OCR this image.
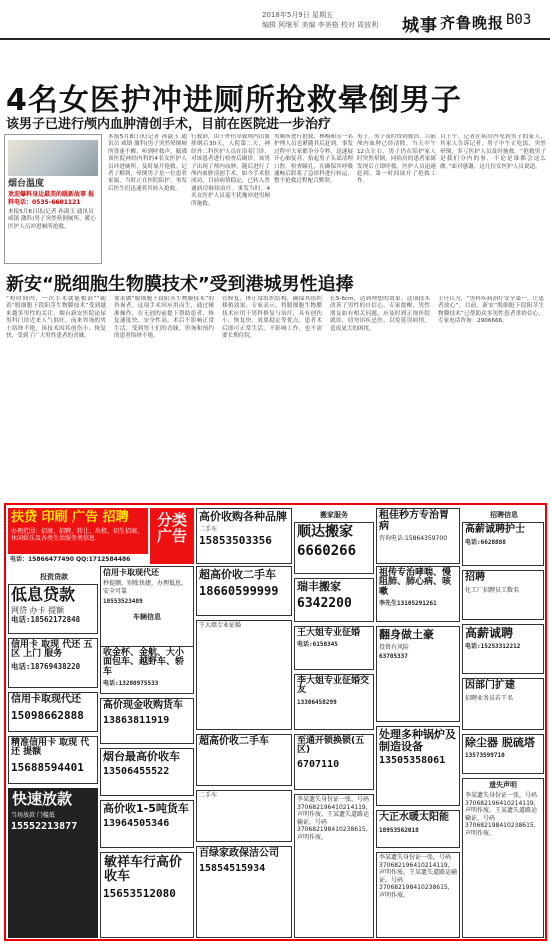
2018年5月9日 星期五
编辑 阿继军 美编 李美格 校对 周波利 城事 齐鲁晚报 B03
4名女医护冲进厕所抢救晕倒男子
该男子已进行颅内血肿清创手术，目前在医院进一步治疗
烟台温度
欢迎爆料身边最美的暖新故事 报料电话：0535-6601121
本报5月8日讯(记者 孙淑玉 通讯员 咸镇 激科)男子突然晕倒厕所，暖心医护人员冲进厕所抢救。
本报5月8日讯(记者 孙淑玉 通讯员 咸镇 激科)男子突然晕倒厕所昏迷不醒，听到呼救声，毓璜顶医院神经内科的4名女医护人员冲进厕所，及时展开抢救。记者了解到，晕倒男子是一位患者家属，当时正在医院陪护，事发后医生们迅速将其转入抢救。
行救治，由于外伤导致颅内出血摔倒后30天，人院第二天，神经外二科医护人员在沿着门诊，对该患者进行检查后确诊，该男子出现了颅内血肿，随后进行了颅内血肿清创手术，如今手术很成功，目前病情稳定，已转入普通病房继续治疗。事发当时，4名女医护人员毫不犹豫冲进男厕所施救。
男厕所进行抢救，林梅和另一名护理人员也紧随其后赶到。事发过程中大家都争分夺秒，迅速展开心肺复苏，抬起男子头部清理口腔，检查瞳孔，在确保其呼吸通畅后联系了急诊科进行转运，整个抢救过程配合默契。
男子，男子及时得到救治，目前颅内血肿已经清除。当天中午12点左右，男子仍在陪护家人时突然晕倒，同病房的患者家属发现后立即呼救，医护人员迅速赶到，第一时间展开了抢救工作。
目上午，记者在病房内见到男子的家人，其家人告诉记者，男子中午正吃饭，突然晕倒，多亏医护人员及时施救。“抢救男子是我们分内的事，不论是谁都会这么做。”面对感谢，这几位女医护人员说道。
新安“脱细胞生物膜技术”受到港城男性追捧
“短时间内，一次手术就能根治”“随着“脱细胞下段阳茎生物膜技术”受到越来越多男性的关注，烟台新安医院泌尿男科门诊近来人气很旺，前来咨询的男士络绎不绝，该技术因其创伤小、恢复快，受到了广大男性患者的青睐。
要求做“脱细胞下段阳茎生物膜技术”的咨询者，这项手术因应用而生，通过精准操作，在无创的前提下帮助患者，恢复速度快，安全性高，术后不影响正常生活，受到男士们的青睐，咨询和预约的患者络绎不绝。
管修复，体正常组织结构，确保其组织移植效果，专家表示，将脱细胞生物膜技术应用于男科修复与治疗，具有创伤小、恢复快、效果稳定等优点，患者术后即可正常生活，不影响工作，也不需要长期住院。
长5-6cm，达到理想的效果。这项技术改善了男性的自信心，专家提醒，男性朋友如有相关问题，应及时到正规医院就诊，切勿讳疾忌医，以免延误病情，造成更大的困扰。
主任认为，“男科疾病治疗安全第一，让患者放心”，目前，新安“脱细胞下段阳茎生物膜技术”已帮助众多男性患者重拾信心，专家电话咨询：2906666。
扶贷 印刷 广告 招聘
办理范围：招商、招聘、转让、出租、招生招商、休闲娱乐及各类生活服务类信息
电话：15866477490 QQ:1712584486
分类广告
投资贷款
低息贷款
网贷 办卡 提额
电话:18562172848
信用卡 取现 代还 五区 上门 服务
电话:18769438220
信用卡取现代还
15098662888
精准信用卡 取现 代还 提额
15688594401
快速放款
当场放款 门槛低
15552213877
信用卡取现代还
秒提额，别账快捷，办理低息，安全可靠
18553523489
车辆信息
收金杯、金航、大小面包车、越野车、轿车
电话:13280975533
高价现金收购货车
13863811919
烟台最高价收车
13506455522
高价收1-5吨货车
13964505346
敏祥车行高价收车
15653512080
高价收购各种品牌
二手车
15853503356
超高价收二手车
18660599999
王大姐专业征婚
超高价收二手车
二手车
百绿家政保洁公司
15854515934
搬家服务
顺达搬家
6660266
瑞丰搬家
6342200
王大姐专业征婚
电话:6150345
李大姐专业征婚交友
13306458299
至通开锁换锁(五区)
6707110
李某遗失身份证一张，号码370682196410214119，声明作废。王某遗失道路运输证，号码370682198410238615，声明作废。
租佳秒方专治胃病
咨询电话:15864359700
祖传专治哮喘、慢阻肺、肺心病、咳嗽
李先生13105291261
翻身做土豪
投资有风险
63705337
处理多种锅炉及制造设备
13505358061
大正水暖太阳能
18953562018
李某遗失身份证一张，号码370682196410214119，声明作废。王某遗失道路运输证，号码370682198410238615，声明作废。
招聘信息
高薪诚聘护士
电话:6628888
招聘
化工厂招聘员工数名
高薪诚聘
电话:15253312212
因部门扩建
招聘业务员若干名
除尘器 脱硫塔
13573599710
遗失声明
李某遗失身份证一张，号码370682196410214119，声明作废。王某遗失道路运输证，号码370682198410238615，声明作废。
